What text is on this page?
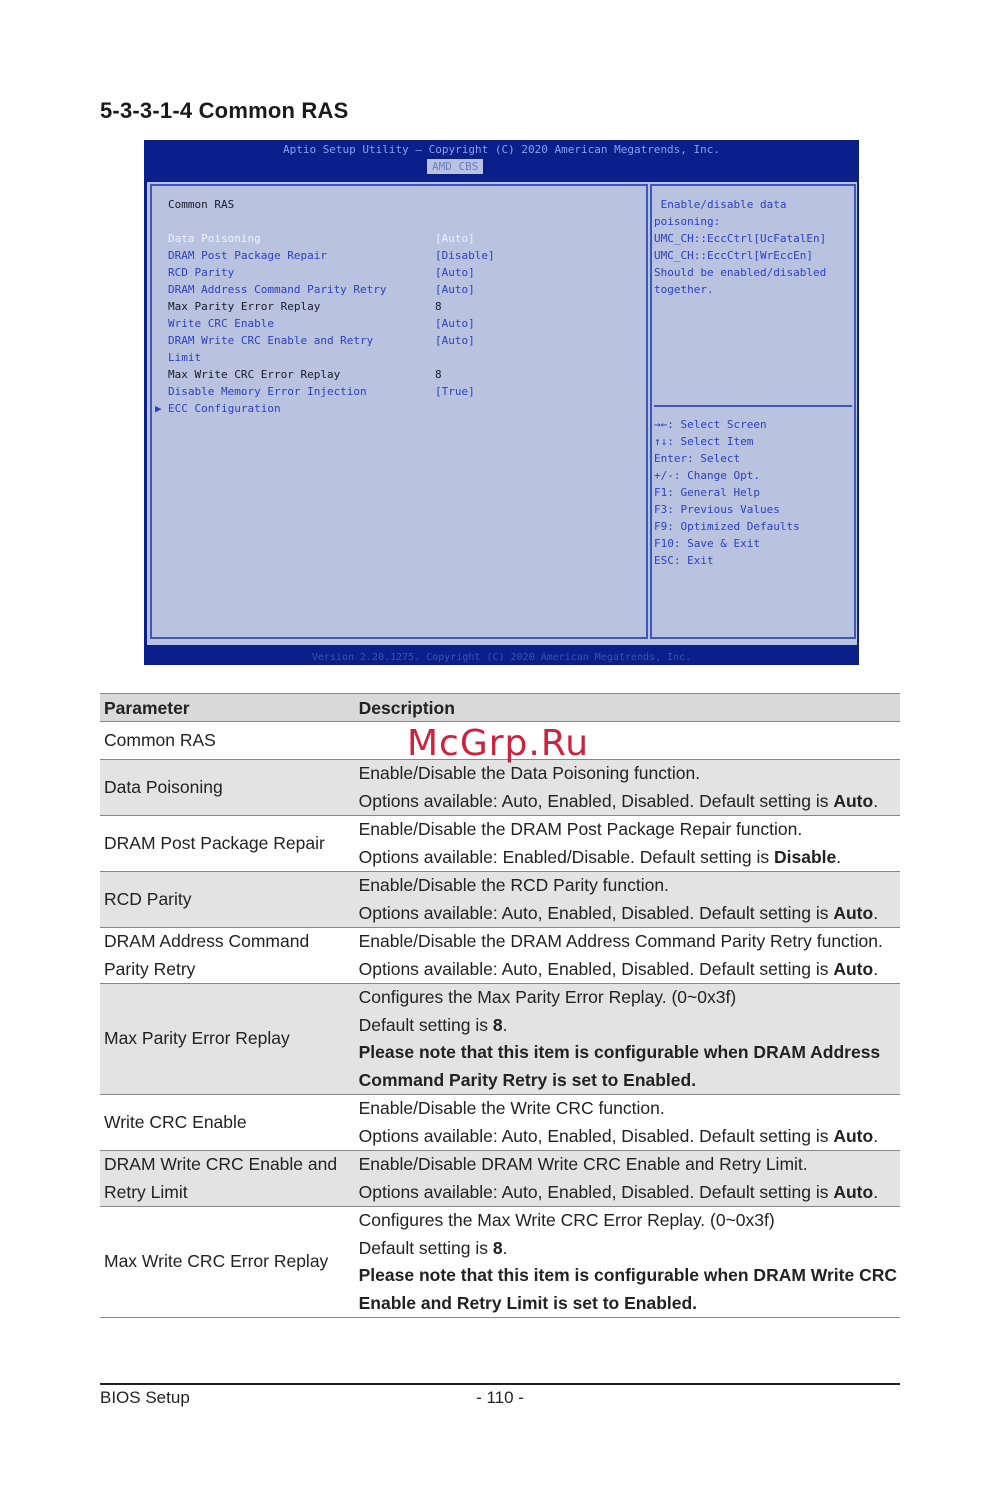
5-3-3-1-4 Common RAS
Aptio Setup Utility – Copyright (C) 2020 American Megatrends, Inc.
AMD CBS
Common RAS
Data Poisoning	[Auto]
DRAM Post Package Repair	[Disable]
RCD Parity	[Auto]
DRAM Address Command Parity Retry	[Auto]
Max Parity Error Replay	8
Write CRC Enable	[Auto]
DRAM Write CRC Enable and Retry	[Auto]
Limit
Max Write CRC Error Replay	8
Disable Memory Error Injection	[True]
▶ ECC Configuration
Enable/disable data
poisoning:
UMC_CH::EccCtrl[UcFatalEn]
UMC_CH::EccCtrl[WrEccEn]
Should be enabled/disabled
together.
→←: Select Screen
↑↓: Select Item
Enter: Select
+/-: Change Opt.
F1: General Help
F3: Previous Values
F9: Optimized Defaults
F10: Save & Exit
ESC: Exit
Version 2.20.1275. Copyright (C) 2020 American Megatrends, Inc.
Parameter	Description
Common RAS	
Data Poisoning	Enable/Disable the Data Poisoning function.
Options available: Auto, Enabled, Disabled. Default setting is Auto.

DRAM Post Package Repair	Enable/Disable the DRAM Post Package Repair function.
Options available: Enabled/Disable. Default setting is Disable.

RCD Parity	Enable/Disable the RCD Parity function.
Options available: Auto, Enabled, Disabled. Default setting is Auto.

DRAM Address Command Parity Retry	Enable/Disable the DRAM Address Command Parity Retry function.
Options available: Auto, Enabled, Disabled. Default setting is Auto.

Max Parity Error Replay	Configures the Max Parity Error Replay. (0~0x3f)
Default setting is 8.
Please note that this item is configurable when DRAM Address
Command Parity Retry is set to Enabled.

Write CRC Enable	Enable/Disable the Write CRC function.
Options available: Auto, Enabled, Disabled. Default setting is Auto.

DRAM Write CRC Enable and Retry Limit	Enable/Disable DRAM Write CRC Enable and Retry Limit.
Options available: Auto, Enabled, Disabled. Default setting is Auto.

Max Write CRC Error Replay	Configures the Max Write CRC Error Replay. (0~0x3f)
Default setting is 8.
Please note that this item is configurable when DRAM Write CRC
Enable and Retry Limit is set to Enabled.
McGrp.Ru
BIOS Setup	- 110 -
